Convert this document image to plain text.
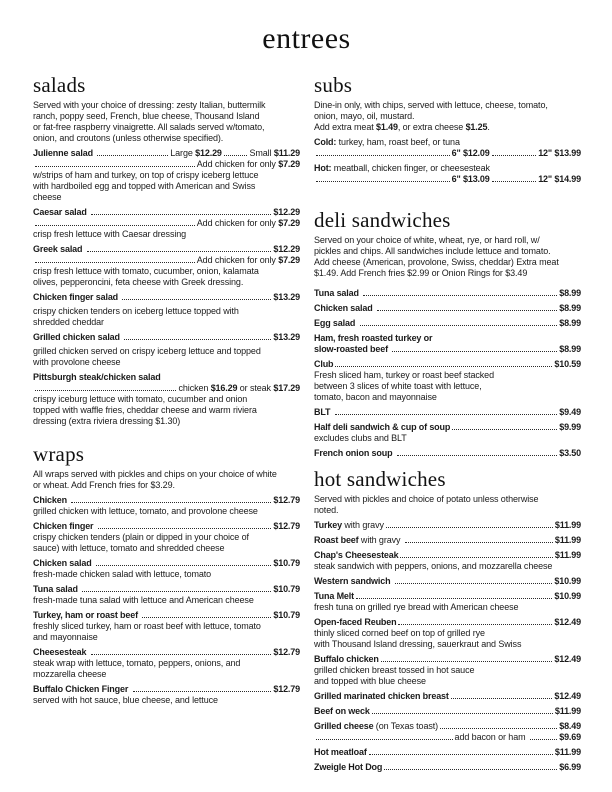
entrees
salads
Served with your choice of dressing: zesty Italian, buttermilk
ranch, poppy seed, French, blue cheese, Thousand Island
or fat-free raspberry vinaigrette. All salads served w/tomato,
onion, and croutons (unless otherwise specified).
Julienne salad	Large $12.29	Small $11.29
Add chicken for only $7.29
w/strips of ham and turkey, on top of crispy iceberg lettuce
with hardboiled egg and topped with American and Swiss
cheese
Caesar salad	$12.29
Add chicken for only $7.29
crisp fresh lettuce with Caesar dressing
Greek salad	$12.29
Add chicken for only $7.29
crisp fresh lettuce with tomato, cucumber, onion, kalamata
olives, pepperoncini, feta cheese with Greek dressing.
Chicken finger salad	$13.29
crispy chicken tenders on iceberg lettuce topped with
shredded cheddar
Grilled chicken salad	$13.29
grilled chicken served on crispy iceberg lettuce and topped
with provolone cheese
Pittsburgh steak/chicken salad
chicken $16.29 or steak $17.29
crispy iceburg lettuce with tomato, cucumber and onion
topped with waffle fries, cheddar cheese and warm riviera
dressing (extra riviera dressing $1.30)
wraps
All wraps served with pickles and chips on your choice of white
or wheat. Add French fries for $3.29.
Chicken	$12.79
grilled chicken with lettuce, tomato, and provolone cheese
Chicken finger	$12.79
crispy chicken tenders (plain or dipped in your choice of
sauce) with lettuce, tomato and shredded cheese
Chicken salad	$10.79
fresh-made chicken salad with lettuce, tomato
Tuna salad	$10.79
fresh-made tuna salad with lettuce and American cheese
Turkey, ham or roast beef	$10.79
freshly sliced turkey, ham or roast beef with lettuce, tomato
and mayonnaise
Cheesesteak	$12.79
steak wrap with lettuce, tomato, peppers, onions, and
mozzarella cheese
Buffalo Chicken Finger	$12.79
served with hot sauce, blue cheese, and lettuce
subs
Dine-in only, with chips, served with lettuce, cheese, tomato,
onion, mayo, oil, mustard.
Add extra meat $1.49 , or extra cheese $1.25 .
Cold: turkey, ham, roast beef, or tuna
6" $12.09	12" $13.99
Hot: meatball, chicken finger, or cheesesteak
6" $13.09	12" $14.99
deli sandwiches
Served on your choice of white, wheat, rye, or hard roll, w/
pickles and chips. All sandwiches include lettuce and tomato.
Add cheese (American, provolone, Swiss, cheddar) Extra meat
$1.49. Add French fries $2.99 or Onion Rings for $3.49
Tuna salad	$8.99
Chicken salad	$8.99
Egg salad	$8.99
Ham, fresh roasted turkey or
slow-roasted beef	$8.99
Club	$10.59
Fresh sliced ham, turkey or roast beef stacked
between 3 slices of white toast with lettuce,
tomato, bacon and mayonnaise
BLT	$9.49
Half deli sandwich & cup of soup	$9.99
excludes clubs and BLT
French onion soup	$3.50
hot sandwiches
Served with pickles and choice of potato unless otherwise
noted.
Turkey with gravy	$11.99
Roast beef with gravy	$11.99
Chap's Cheesesteak	$11.99
steak sandwich with peppers, onions, and mozzarella cheese
Western sandwich	$10.99
Tuna Melt	$10.99
fresh tuna on grilled rye bread with American cheese
Open-faced Reuben	$12.49
thinly sliced corned beef on top of grilled rye
with Thousand Island dressing, sauerkraut and Swiss
Buffalo chicken	$12.49
grilled chicken breast tossed in hot sauce
and topped with blue cheese
Grilled marinated chicken breast	$12.49
Beef on weck	$11.99
Grilled cheese (on Texas toast)	$8.49
add bacon or ham	$9.69
Hot meatloaf	$11.99
Zweigle Hot Dog	$6.99
